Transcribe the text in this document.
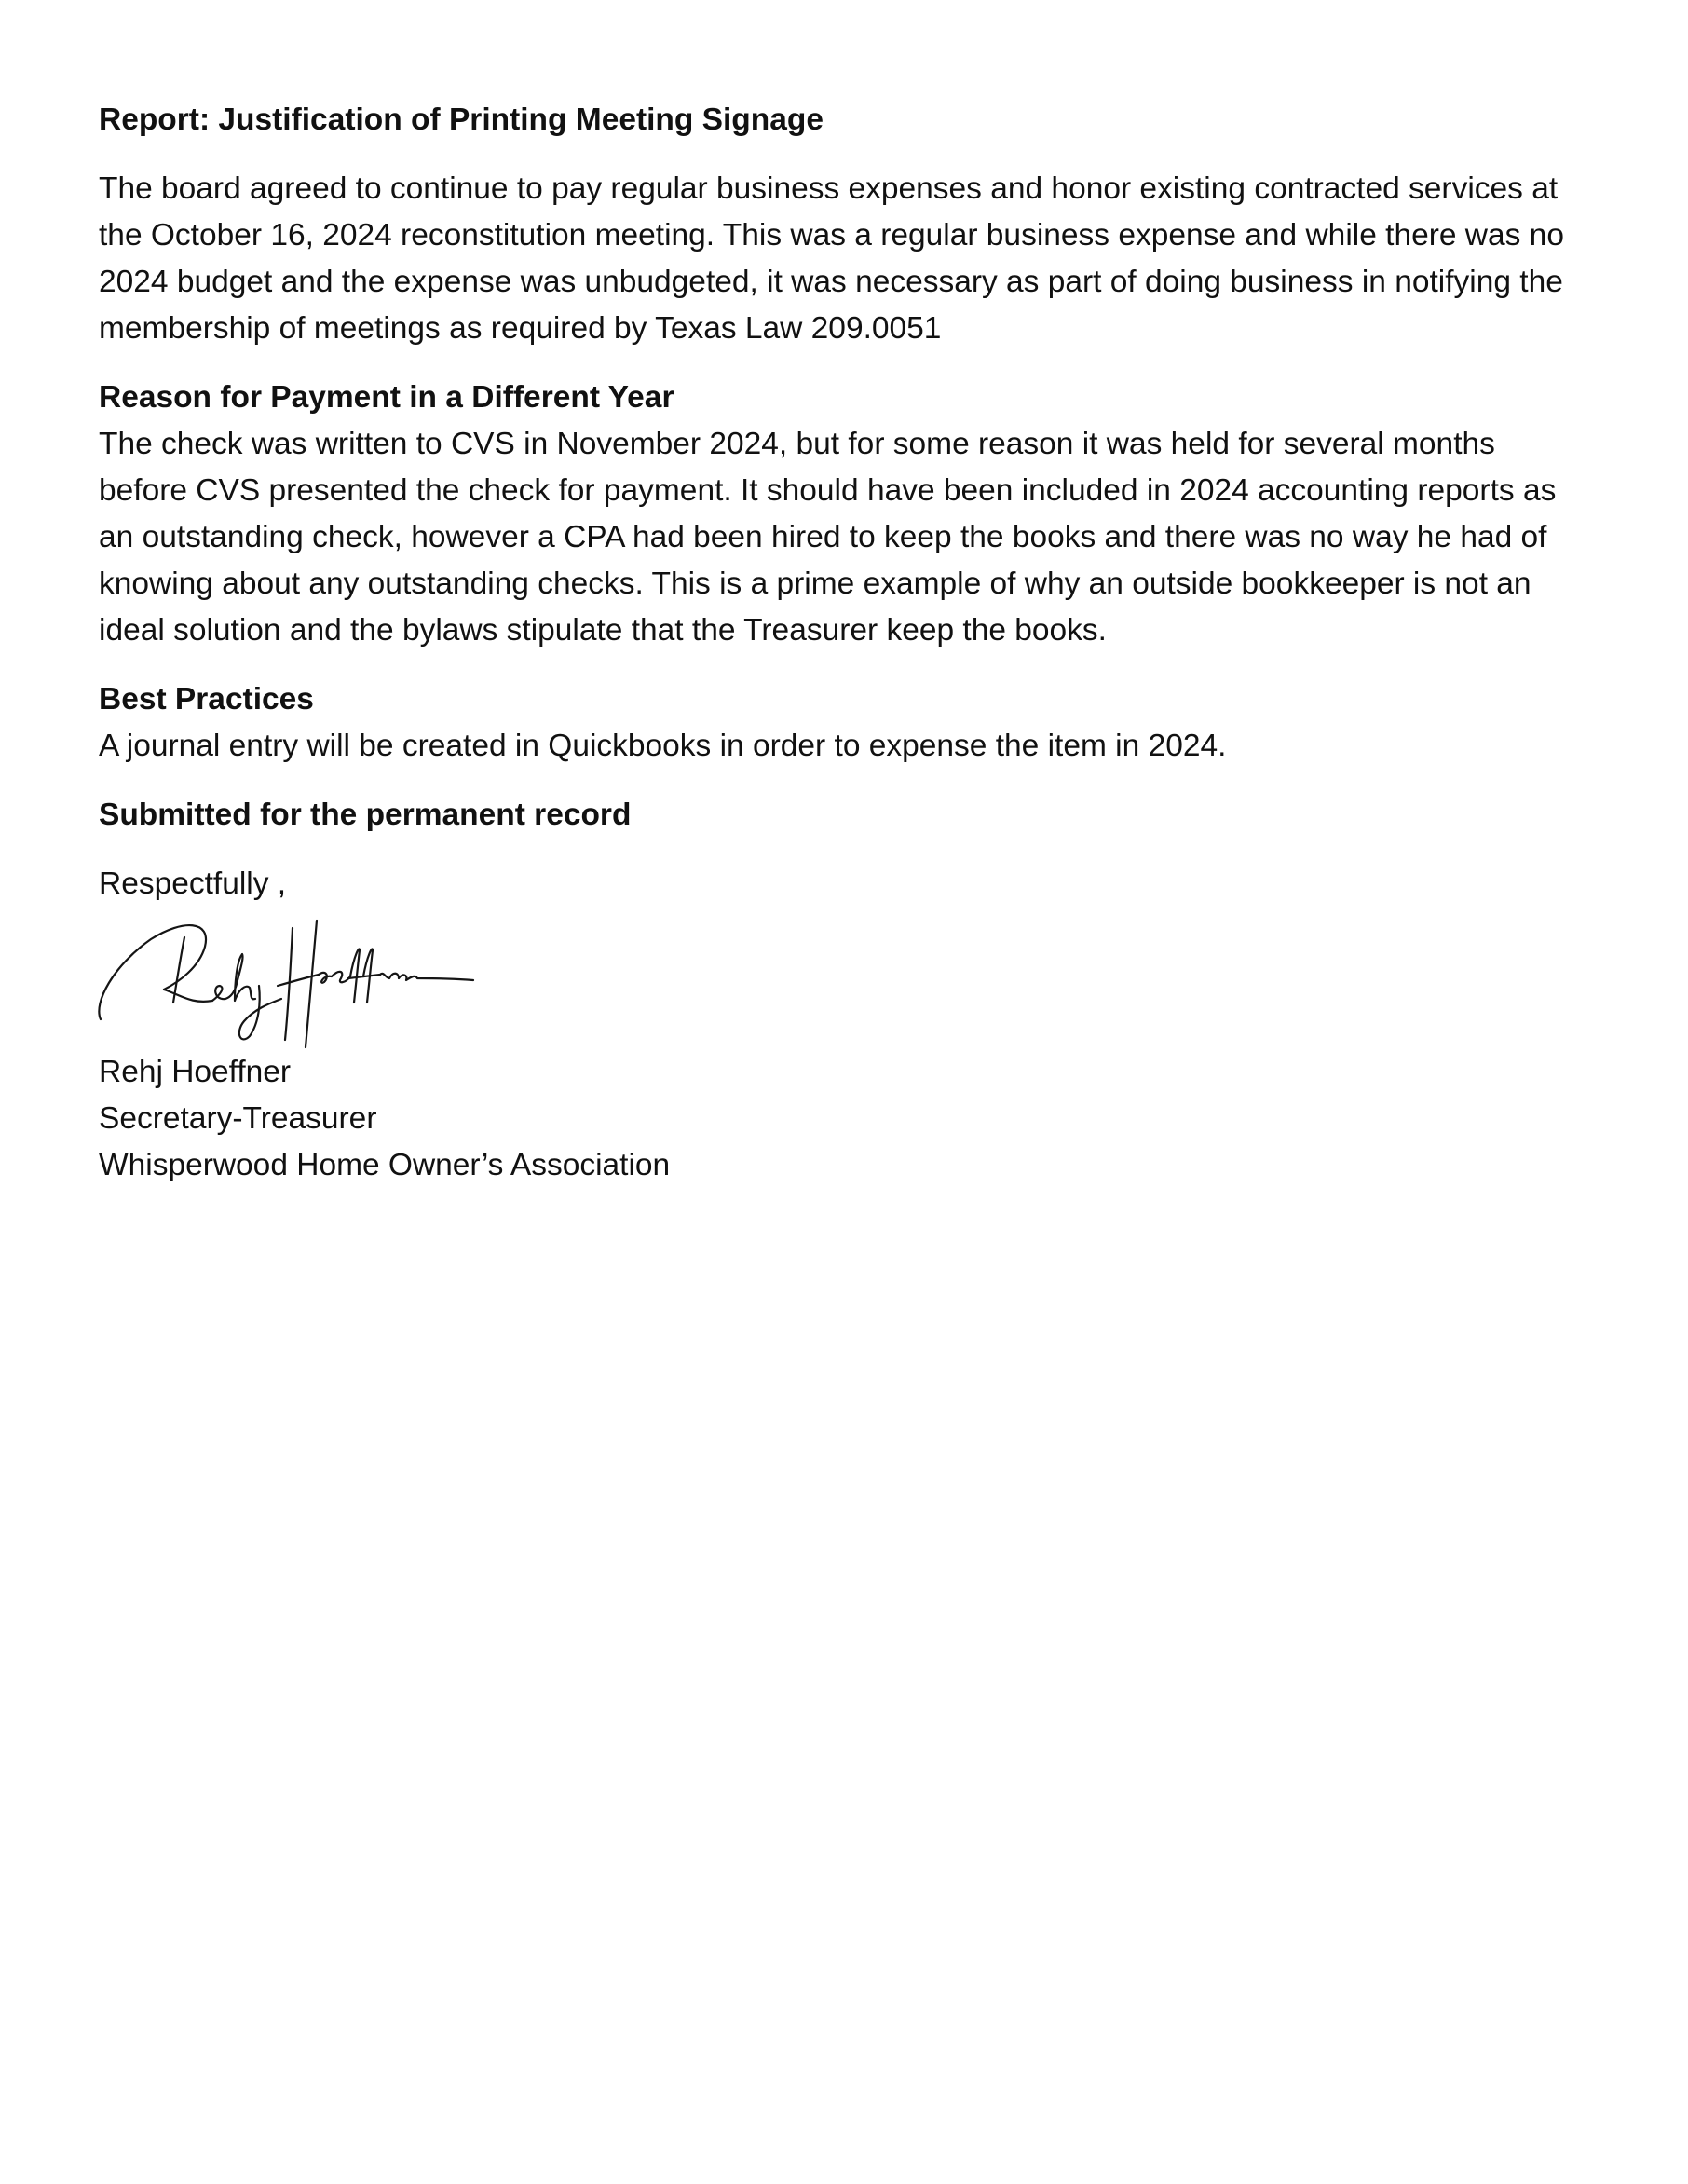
Report: Justification of Printing Meeting Signage

The board agreed to continue to pay regular business expenses and honor existing contracted services at the October 16, 2024 reconstitution meeting. This was a regular business expense and while there was no 2024 budget and the expense was unbudgeted, it was necessary as part of doing business in notifying the membership of meetings as required by Texas Law 209.0051

Reason for Payment in a Different Year

The check was written to CVS in November 2024, but for some reason it was held for several months before CVS presented the check for payment. It should have been included in 2024 accounting reports as an outstanding check, however a CPA had been hired to keep the books and there was no way he had of knowing about any outstanding checks. This is a prime example of why an outside bookkeeper is not an ideal solution and the bylaws stipulate that the Treasurer keep the books.

Best Practices

A journal entry will be created in Quickbooks in order to expense the item in 2024.

Submitted for the permanent record

Respectfully ,

Rehj Hoeffner

Secretary-Treasurer

Whisperwood Home Owner’s Association
